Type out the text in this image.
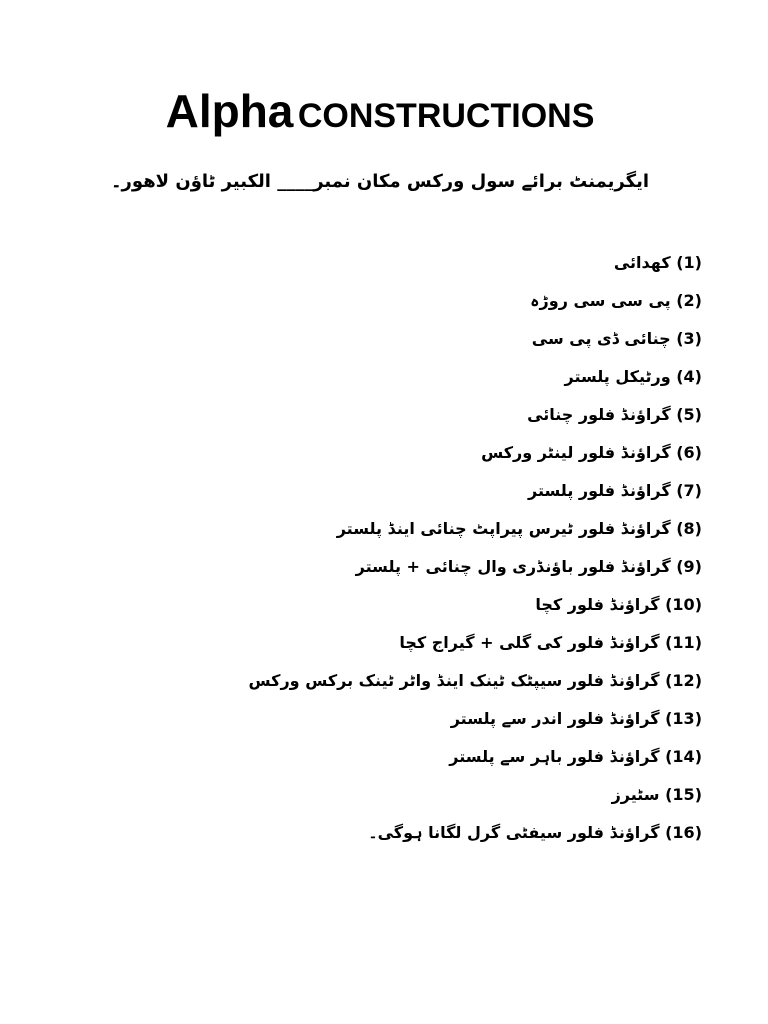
Alpha CONSTRUCTIONS
ایگریمنٹ برائے سول ورکس مکان نمبر____ الکبیر ٹاؤن لاھور۔
(1) کھدائی
(2) پی سی سی روڑہ
(3) چنائی ڈی پی سی
(4) ورٹیکل پلستر
(5) گراؤنڈ فلور چنائی
(6) گراؤنڈ فلور لینٹر ورکس
(7) گراؤنڈ فلور پلستر
(8) گراؤنڈ فلور ٹیرس پیراپٹ چنائی اینڈ پلستر
(9) گراؤنڈ فلور باؤنڈری وال چنائی + پلستر
(10) گراؤنڈ فلور کچا
(11) گراؤنڈ فلور کی گلی + گیراج کچا
(12) گراؤنڈ فلور سیپٹک ٹینک اینڈ واٹر ٹینک برکس ورکس
(13) گراؤنڈ فلور اندر سے پلستر
(14) گراؤنڈ فلور باہر سے پلستر
(15) سٹیرز
(16) گراؤنڈ فلور سیفٹی گرل لگانا ہوگی۔
